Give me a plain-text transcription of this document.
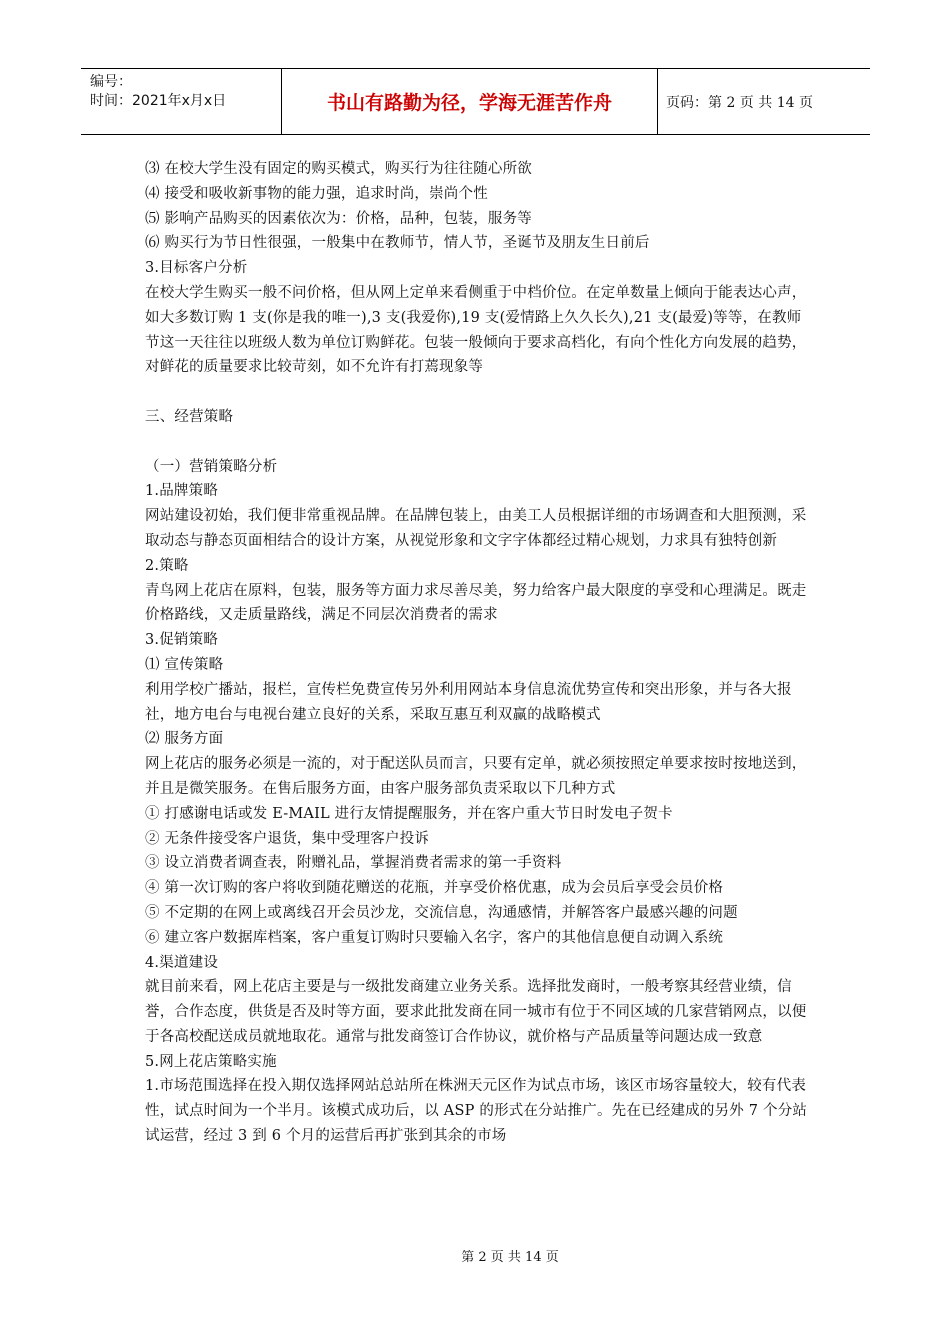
编号：
时间：2021年x月x日	书山有路勤为径，学海无涯苦作舟	页码：第 2 页 共 14 页

⑶ 在校大学生没有固定的购买模式，购买行为往往随心所欲

⑷ 接受和吸收新事物的能力强，追求时尚，崇尚个性

⑸ 影响产品购买的因素依次为：价格，品种，包装，服务等

⑹ 购买行为节日性很强，一般集中在教师节，情人节，圣诞节及朋友生日前后

3.目标客户分析

在校大学生购买一般不问价格，但从网上定单来看侧重于中档价位。在定单数量上倾向于能表达心声，如大多数订购 1 支(你是我的唯一),3 支(我爱你),19 支(爱情路上久久长久),21 支(最爱)等等，在教师节这一天往往以班级人数为单位订购鲜花。包装一般倾向于要求高档化，有向个性化方向发展的趋势，对鲜花的质量要求比较苛刻，如不允许有打蔫现象等

三、经营策略

（一）营销策略分析

1.品牌策略

网站建设初始，我们便非常重视品牌。在品牌包装上，由美工人员根据详细的市场调查和大胆预测，采取动态与静态页面相结合的设计方案，从视觉形象和文字字体都经过精心规划，力求具有独特创新

2.策略

青鸟网上花店在原料，包装，服务等方面力求尽善尽美，努力给客户最大限度的享受和心理满足。既走价格路线，又走质量路线，满足不同层次消费者的需求

3.促销策略

⑴ 宣传策略

利用学校广播站，报栏，宣传栏免费宣传另外利用网站本身信息流优势宣传和突出形象，并与各大报社，地方电台与电视台建立良好的关系，采取互惠互利双赢的战略模式

⑵ 服务方面

网上花店的服务必须是一流的，对于配送队员而言，只要有定单，就必须按照定单要求按时按地送到，并且是微笑服务。在售后服务方面，由客户服务部负责采取以下几种方式

① 打感谢电话或发 E-MAIL 进行友情提醒服务，并在客户重大节日时发电子贺卡

② 无条件接受客户退货，集中受理客户投诉

③ 设立消费者调查表，附赠礼品，掌握消费者需求的第一手资料

④ 第一次订购的客户将收到随花赠送的花瓶，并享受价格优惠，成为会员后享受会员价格

⑤ 不定期的在网上或离线召开会员沙龙，交流信息，沟通感情，并解答客户最感兴趣的问题

⑥ 建立客户数据库档案，客户重复订购时只要输入名字，客户的其他信息便自动调入系统

4.渠道建设

就目前来看，网上花店主要是与一级批发商建立业务关系。选择批发商时，一般考察其经营业绩，信誉，合作态度，供货是否及时等方面，要求此批发商在同一城市有位于不同区域的几家营销网点，以便于各高校配送成员就地取花。通常与批发商签订合作协议，就价格与产品质量等问题达成一致意

5.网上花店策略实施

1.市场范围选择在投入期仅选择网站总站所在株洲天元区作为试点市场，该区市场容量较大，较有代表性，试点时间为一个半月。该模式成功后，以 ASP 的形式在分站推广。先在已经建成的另外 7 个分站试运营，经过 3 到 6 个月的运营后再扩张到其余的市场

第 2 页 共 14 页
